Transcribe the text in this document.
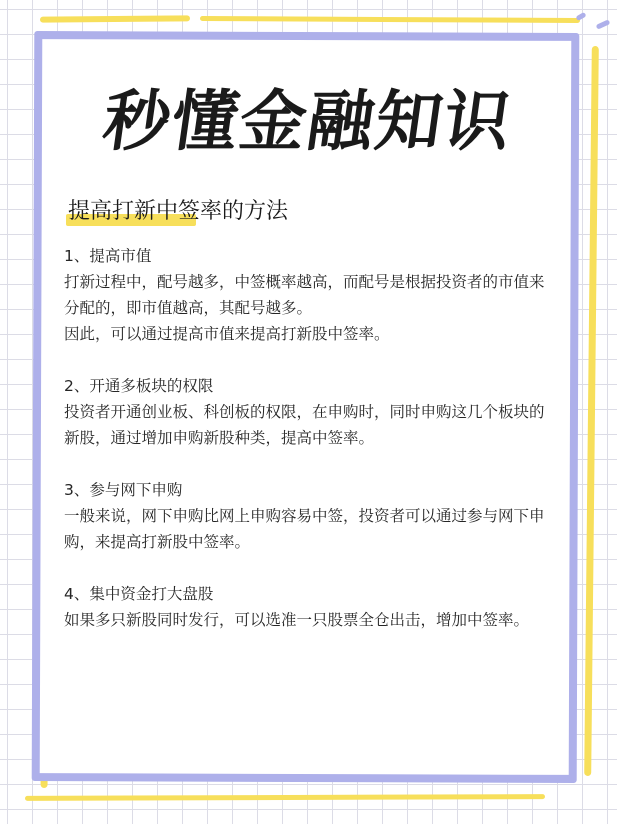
秒懂金融知识
提高打新中签率的方法

1、提高市值

打新过程中，配号越多，中签概率越高，而配号是根据投资者的市值来分配的，即市值越高，其配号越多。

因此，可以通过提高市值来提高打新股中签率。

2、开通多板块的权限

投资者开通创业板、科创板的权限，在申购时，同时申购这几个板块的新股，通过增加申购新股种类，提高中签率。

3、参与网下申购

一般来说，网下申购比网上申购容易中签，投资者可以通过参与网下申购，来提高打新股中签率。

4、集中资金打大盘股

如果多只新股同时发行，可以选准一只股票全仓出击，增加中签率。
